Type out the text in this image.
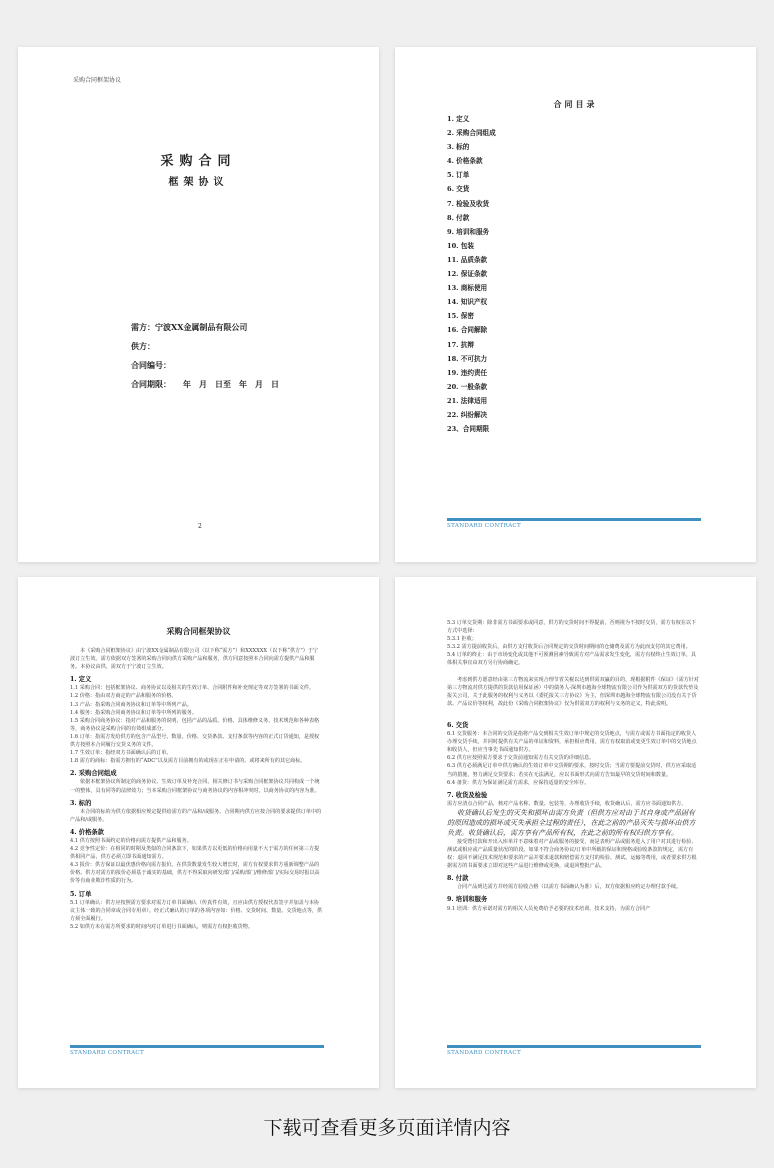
采购合同框架协议
采购合同
框架协议
需方：宁波XX金属制品有限公司
供方：
合同编号：
合同期限：　　年　月　日至　年　月　日
2
合同目录
1. 定义
2. 采购合同组成
3. 标的
4. 价格条款
5. 订单
6. 交货
7. 检验及收货
8. 付款
9. 培训和服务
10. 包装
11. 品质条款
12. 保证条款
13. 商标使用
14. 知识产权
15. 保密
16. 合同解除
17. 抗辩
18. 不可抗力
19. 违约责任
20. 一般条款
21. 法律适用
22. 纠纷解决
23、合同期限
STANDARD CONTRACT
采购合同框架协议

本《采购合同框架协议》由宁波XX金属制品有限公司（以下称“需方”）和XXXXXX（以下称“供方”）于宁波订立生效。需方依据双方签署的采购合同向供方采购产品和服务，供方同意按照本合同向需方提供产品和服务。本协议由供、需双方于宁波订立生效。

1. 定义

1.1 采购合同：包括框架协议、商务协议以及相关的生效订单、合同附件和补充规定等双方签署的书面文件。

1.2 价格：指由双方商定的产品和服务的价格。

1.3 产品：指采购合同商务协议和订单等中所列产品。

1.4 服务：指采购合同商务协议和订单等中所列的服务。

1.5 采购合同商务协议：指对产品和服务的说明，包括产品的品质、价格、具体维修义务、技术规范和各种表格等，商务协议是采购合同的有效组成部分。

1.6 订单：指需方发给供方的包含产品型号、数量、价格、交货条款、支付条款等内容的正式订货通知，是授权供方按照本合同履行交货义务的文件。

1.7 生效订单：指经双方书面确认后的订单。

1.8 需方的商标：指需方拥有的“ADC”以及需方目前拥有的或现在正在申请的、或将来所有的其它商标。

2. 采购合同组成

依据本框架协议所制定的商务协议、生效订单及补充合同、相关修订书与采购合同框架协议共同构成一个统一的整体，具有同等的法律效力；当本采购合同框架协议与商务协议的内容相冲突时，以商务协议的内容为准。

3. 标的

本合同的标的为供方依据相应规定提供给需方的产品和/或服务。合同期内供方应按合同的要求提供订单中的产品和/或服务。

4. 价格条款

4.1 供方按照书面约定的价格向需方提供产品和服务。

4.2 竞争性定价：在相同的时期及类似的合同条款下，如果供方以更低的价格向用量不大于需方的任何第三方提供相同产品，供方必须立即书面通知需方。

4.3 报价：供方保证以最优惠价格向需方报价。在供货数量发生较大增长时，需方有权要求供方重新调整产品的价格。供方对需方的报价必须基于诚实的基础，供方不得采取向研发部门/采购部门/维修部门/实际交易时报以高价等有商业欺诈性质的行为。

5. 订单

5.1 订单确认：供方应按照需方要求对需方订单书面确认（传真件有效，且应由供方授权代表签字并加盖与本协议主体一致的合同章或合同专用章）。经正式确认的订单的各项内容如：价格、交货时间、数量、交货地点等，供方须全面履行。

5.2 如供方未在需方所要求的时间内对订单进行书面确认，则需方有权拒收货物。

STANDARD CONTRACT

5.3 订单交货期：除非需方书面要求或同意，供方的交货时间不得提前，否则视为不按时交货，需方有权在以下方式中选择：

5.3.1 拒收；

5.3.2 需方提前收货后，由供方支付收货后合同规定的交货时间期间的仓储费及需方为此而支付的其它费用。

5.4 订单的终止：由于市场变化或其他不可预测因素导致需方对产品需求发生变化，需方有权终止生效订单，具体相关事宜由双方另行协商确定。

考虑到供方愿意经由第三方物流来实现合理节省关税以达到供需双赢的目的，现根据附件《保证》（需方针对第三方物流对供方提供的货款信用保证函）中的债务人-深圳市越海全球物流有限公司作为供需双方的货款代垫及报关公司，关于此服务的权利与义务以《委托报关三方协议》为主，但深圳市越海全球物流有限公司没有关于货款、产品议价等权利，故此份《采购合同框架协议》仅为供需双方的权利与义务的定义，特此说明。

6. 交货

6.1 交货服务：本合同的交货是指将产品交到相关生效订单中规定的交货地点，与需方或需方书面指定的收货人办理交货手续，并同时提供有关产品的单证和资料，承担相应费用，需方有权取消或变更生效订单中的交货地点和收货人，但应当事先书面通知供方。

6.2 供方应按照需方要求于交货前通知需方有关交货的详细信息。

6.3 供方必须满足订单中供方确认的生效订单中交货期的要求，按时交货；当需方要提前交货时，供方应采取适当的措施，努力满足交货要求；若实在无法满足，应以书面形式向需方告知最早的交货时间和数量。

6.4 备货：供方为保证满足需方需求，应保持适量的安全库存。

7. 收货及检验

需方应清点合同产品，核对产品名称、数量、包装等，办理收货手续，收货确认后，需方应书面通知供方。

收货确认后发生的灭失和损坏由需方负责（但供方应对由于其自身或产品固有的原因造成的损坏或灭失承担全过程的责任），在此之前的产品灭失与损坏由供方负责。收货确认后，需方享有产品所有权，在此之前的所有权归供方享有。

接受暨付款和开出入库单并不意味着对产品或服务的接受，而是表明产品或服务进入了用户对其进行检验、测试或相应或产品质量状况的阶段。如果不符合商务协议/订单中所载的保证和规格或验收条款的规定，需方有权：退回不满足技术规范和要求的产品并要求退款和赔偿需方支付的检验、测试、运输等费用，或者要求供方根据需方的书面要求立即对这些产品进行维修或更换，或退回整批产品。

8. 付款

合同产品到达需方并经需方验收合格（以需方书面确认为准）后，双方依据相应约定办理付款手续。

9. 培训和服务

9.1 培训：供方承诺对需方的相关人员免费给予必要的技术培训、技术支持，为需方合同产

STANDARD CONTRACT
下载可查看更多页面详情内容
